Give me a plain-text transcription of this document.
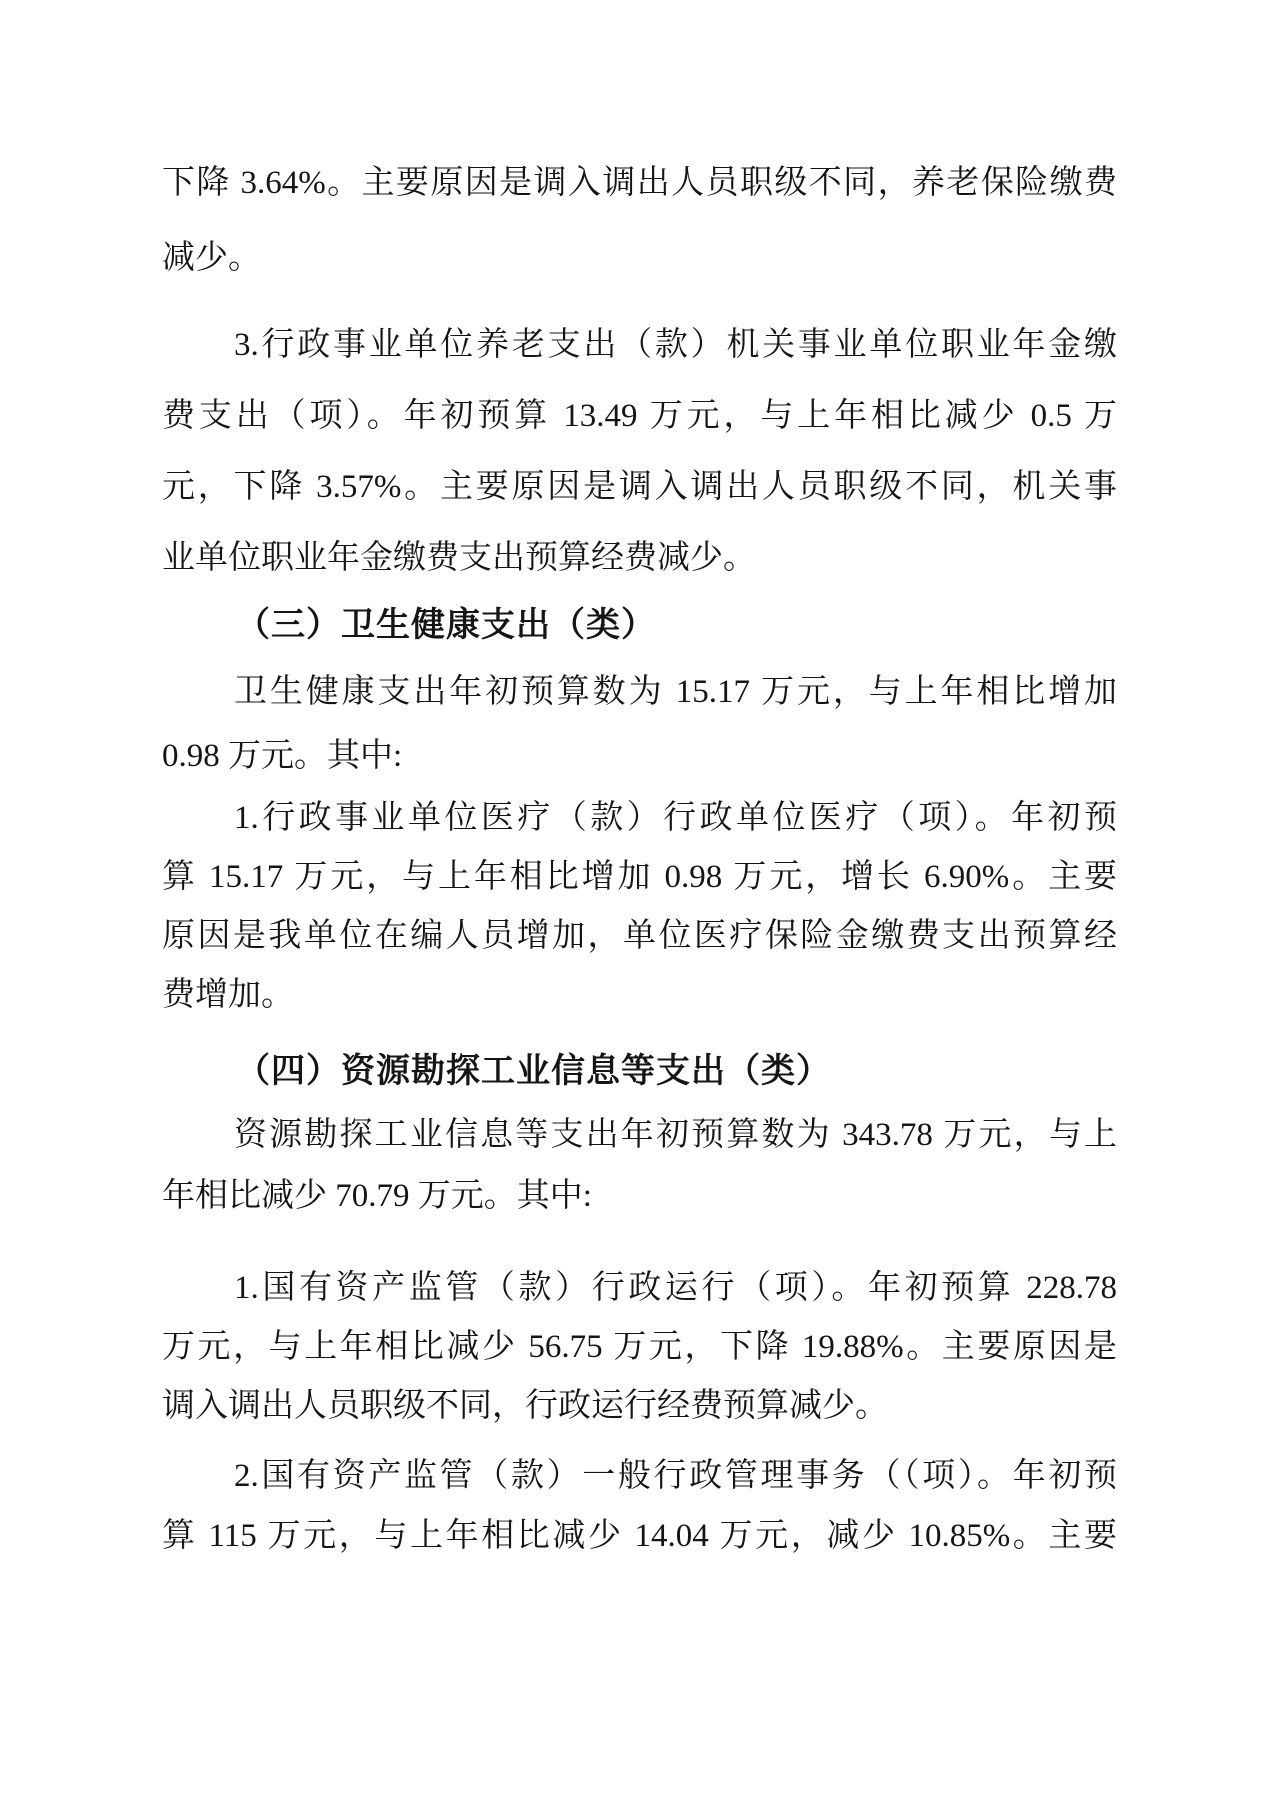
下降 3.64%。主要原因是调入调出人员职级不同，养老保险缴费
减少。
3.行政事业单位养老支出（款）机关事业单位职业年金缴
费支出（项）。年初预算 13.49 万元，与上年相比减少 0.5 万
元，下降 3.57%。主要原因是调入调出人员职级不同，机关事
业单位职业年金缴费支出预算经费减少。
（三）卫生健康支出（类）
卫生健康支出年初预算数为 15.17 万元，与上年相比增加
0.98 万元。其中:
1.行政事业单位医疗（款）行政单位医疗（项）。年初预
算 15.17 万元，与上年相比增加 0.98 万元，增长 6.90%。主要
原因是我单位在编人员增加，单位医疗保险金缴费支出预算经
费增加。
（四）资源勘探工业信息等支出（类）
资源勘探工业信息等支出年初预算数为 343.78 万元，与上
年相比减少 70.79 万元。其中:
1.国有资产监管（款）行政运行（项）。年初预算 228.78
万元，与上年相比减少 56.75 万元，下降 19.88%。主要原因是
调入调出人员职级不同，行政运行经费预算减少。
2.国有资产监管（款）一般行政管理事务（（项）。年初预
算 115 万元，与上年相比减少 14.04 万元，减少 10.85%。主要
